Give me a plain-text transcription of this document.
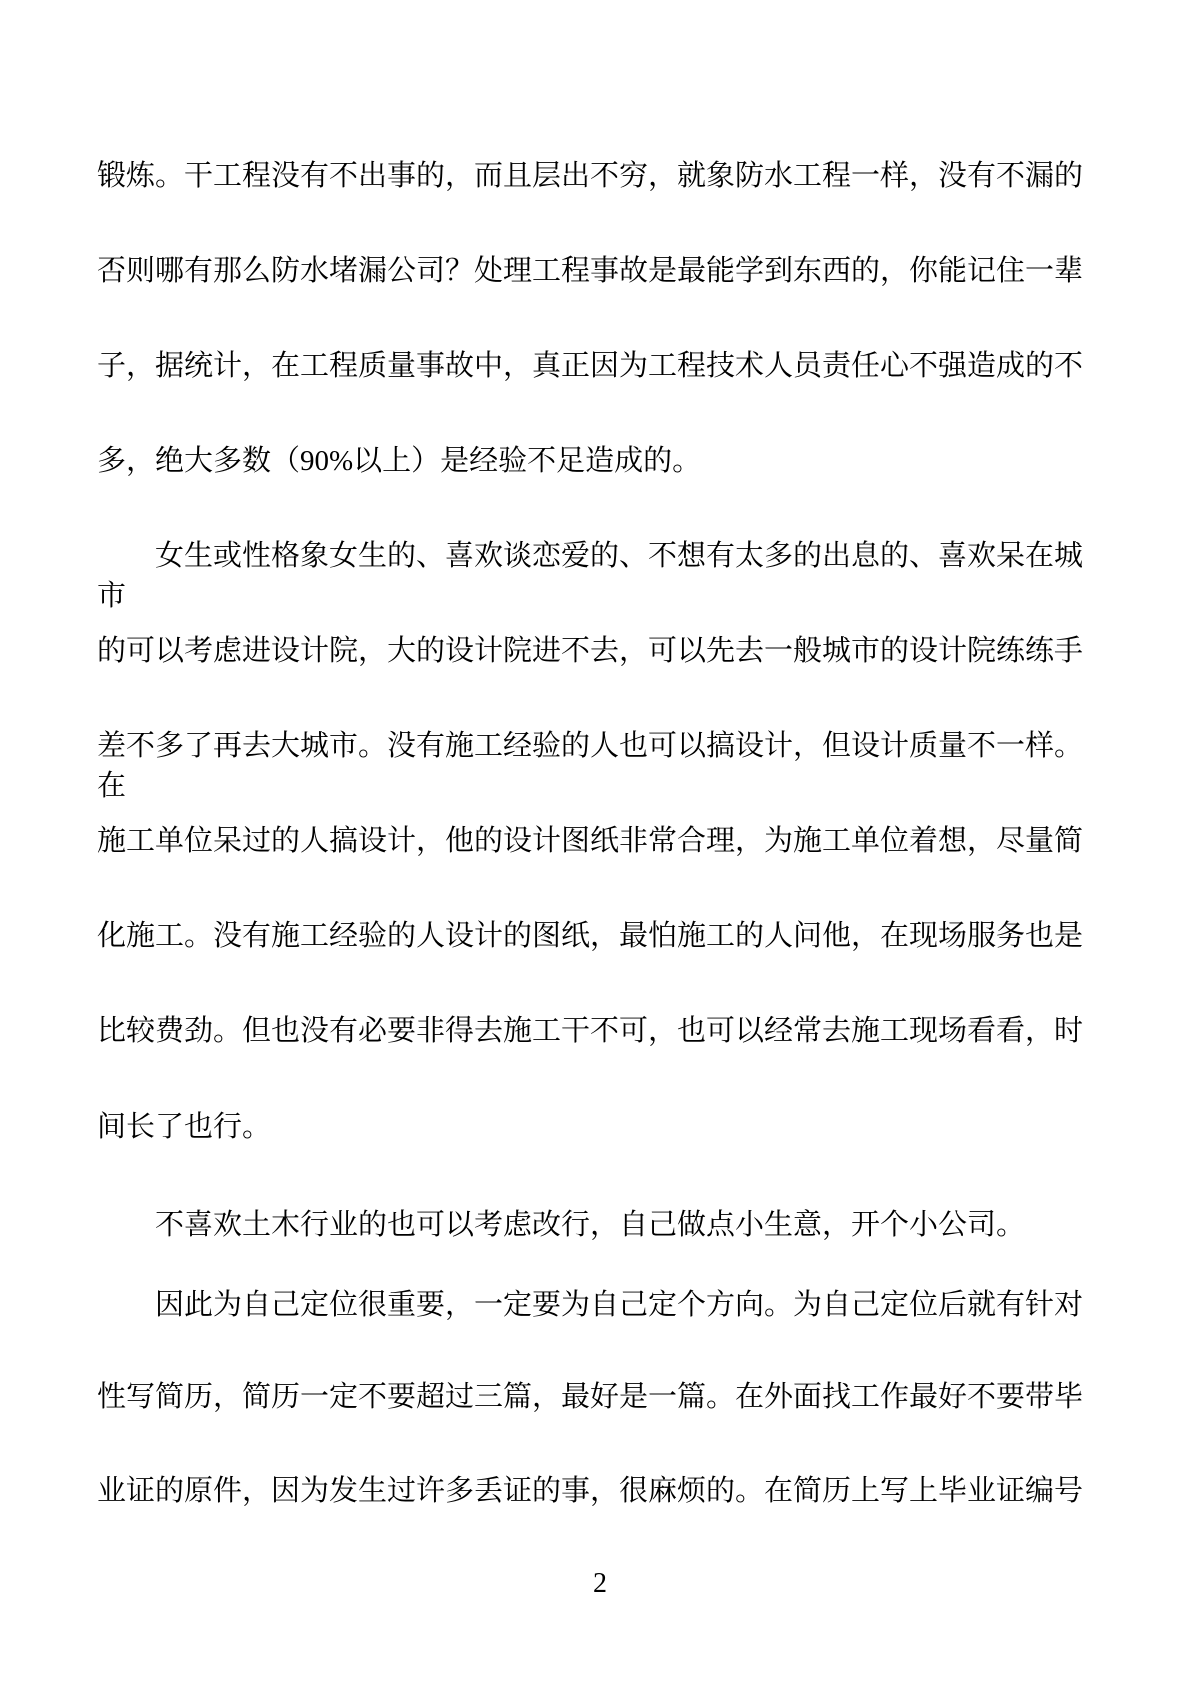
锻炼。干工程没有不出事的，而且层出不穷，就象防水工程一样，没有不漏的
否则哪有那么防水堵漏公司？处理工程事故是最能学到东西的，你能记住一辈
子，据统计，在工程质量事故中，真正因为工程技术人员责任心不强造成的不
多，绝大多数（90%以上）是经验不足造成的。
　　女生或性格象女生的、喜欢谈恋爱的、不想有太多的出息的、喜欢呆在城市
的可以考虑进设计院，大的设计院进不去，可以先去一般城市的设计院练练手
差不多了再去大城市。没有施工经验的人也可以搞设计，但设计质量不一样。在
施工单位呆过的人搞设计，他的设计图纸非常合理，为施工单位着想，尽量简
化施工。没有施工经验的人设计的图纸，最怕施工的人问他，在现场服务也是
比较费劲。但也没有必要非得去施工干不可，也可以经常去施工现场看看，时
间长了也行。
　　不喜欢土木行业的也可以考虑改行，自己做点小生意，开个小公司。
　　因此为自己定位很重要，一定要为自己定个方向。为自己定位后就有针对
性写简历，简历一定不要超过三篇，最好是一篇。在外面找工作最好不要带毕
业证的原件，因为发生过许多丢证的事，很麻烦的。在简历上写上毕业证编号
2
